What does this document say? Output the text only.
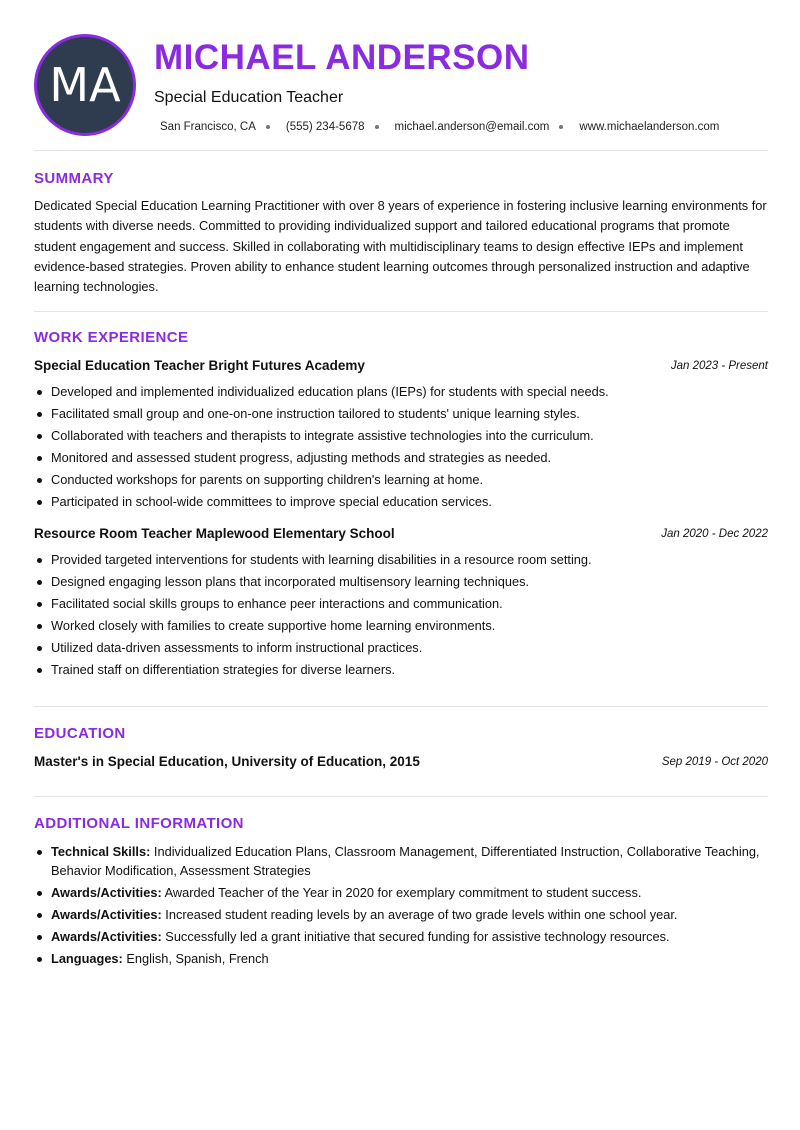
MA
MICHAEL ANDERSON
Special Education Teacher
San Francisco, CA	(555) 234-5678	michael.anderson@email.com	www.michaelanderson.com
SUMMARY
Dedicated Special Education Learning Practitioner with over 8 years of experience in fostering inclusive learning environments for students with diverse needs. Committed to providing individualized support and tailored educational programs that promote student engagement and success. Skilled in collaborating with multidisciplinary teams to design effective IEPs and implement evidence-based strategies. Proven ability to enhance student learning outcomes through personalized instruction and adaptive learning technologies.
WORK EXPERIENCE
Special Education Teacher Bright Futures Academy	Jan 2023 - Present
Developed and implemented individualized education plans (IEPs) for students with special needs.
Facilitated small group and one-on-one instruction tailored to students' unique learning styles.
Collaborated with teachers and therapists to integrate assistive technologies into the curriculum.
Monitored and assessed student progress, adjusting methods and strategies as needed.
Conducted workshops for parents on supporting children's learning at home.
Participated in school-wide committees to improve special education services.
Resource Room Teacher Maplewood Elementary School	Jan 2020 - Dec 2022
Provided targeted interventions for students with learning disabilities in a resource room setting.
Designed engaging lesson plans that incorporated multisensory learning techniques.
Facilitated social skills groups to enhance peer interactions and communication.
Worked closely with families to create supportive home learning environments.
Utilized data-driven assessments to inform instructional practices.
Trained staff on differentiation strategies for diverse learners.
EDUCATION
Master's in Special Education, University of Education, 2015	Sep 2019 - Oct 2020
ADDITIONAL INFORMATION
Technical Skills: Individualized Education Plans, Classroom Management, Differentiated Instruction, Collaborative Teaching, Behavior Modification, Assessment Strategies
Awards/Activities: Awarded Teacher of the Year in 2020 for exemplary commitment to student success.
Awards/Activities: Increased student reading levels by an average of two grade levels within one school year.
Awards/Activities: Successfully led a grant initiative that secured funding for assistive technology resources.
Languages: English, Spanish, French
